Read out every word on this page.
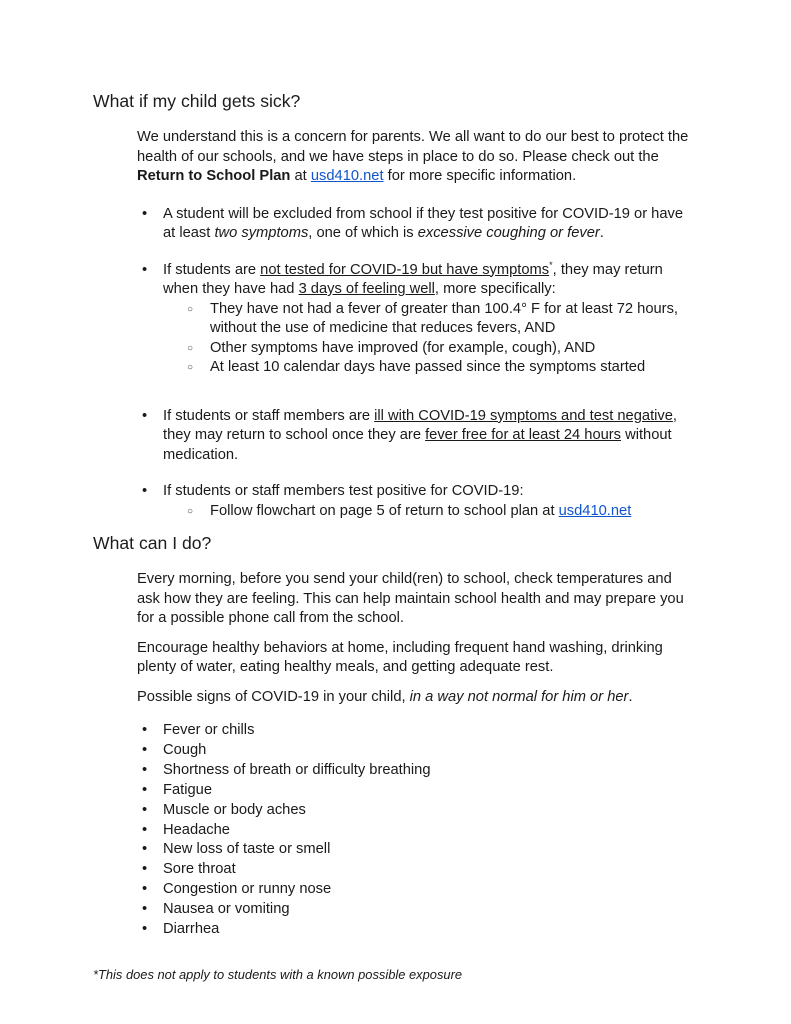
What if my child gets sick?

We understand this is a concern for parents. We all want to do our best to protect the health of our schools, and we have steps in place to do so. Please check out the Return to School Plan at usd410.net for more specific information.

•	A student will be excluded from school if they test positive for COVID-19 or have at least two symptoms, one of which is excessive coughing or fever.
•	If students are not tested for COVID-19 but have symptoms*, they may return when they have had 3 days of feeling well, more specifically:
○	They have not had a fever of greater than 100.4° F for at least 72 hours, without the use of medicine that reduces fevers, AND
○	Other symptoms have improved (for example, cough), AND
○	At least 10 calendar days have passed since the symptoms started
•	If students or staff members are ill with COVID-19 symptoms and test negative, they may return to school once they are fever free for at least 24 hours without medication.
•	If students or staff members test positive for COVID-19:
○	Follow flowchart on page 5 of return to school plan at usd410.net
What can I do?

Every morning, before you send your child(ren) to school, check temperatures and ask how they are feeling. This can help maintain school health and may prepare you for a possible phone call from the school.

Encourage healthy behaviors at home, including frequent hand washing, drinking plenty of water, eating healthy meals, and getting adequate rest.

Possible signs of COVID-19 in your child, in a way not normal for him or her.

•	Fever or chills
•	Cough
•	Shortness of breath or difficulty breathing
•	Fatigue
•	Muscle or body aches
•	Headache
•	New loss of taste or smell
•	Sore throat
•	Congestion or runny nose
•	Nausea or vomiting
•	Diarrhea

*This does not apply to students with a known possible exposure
